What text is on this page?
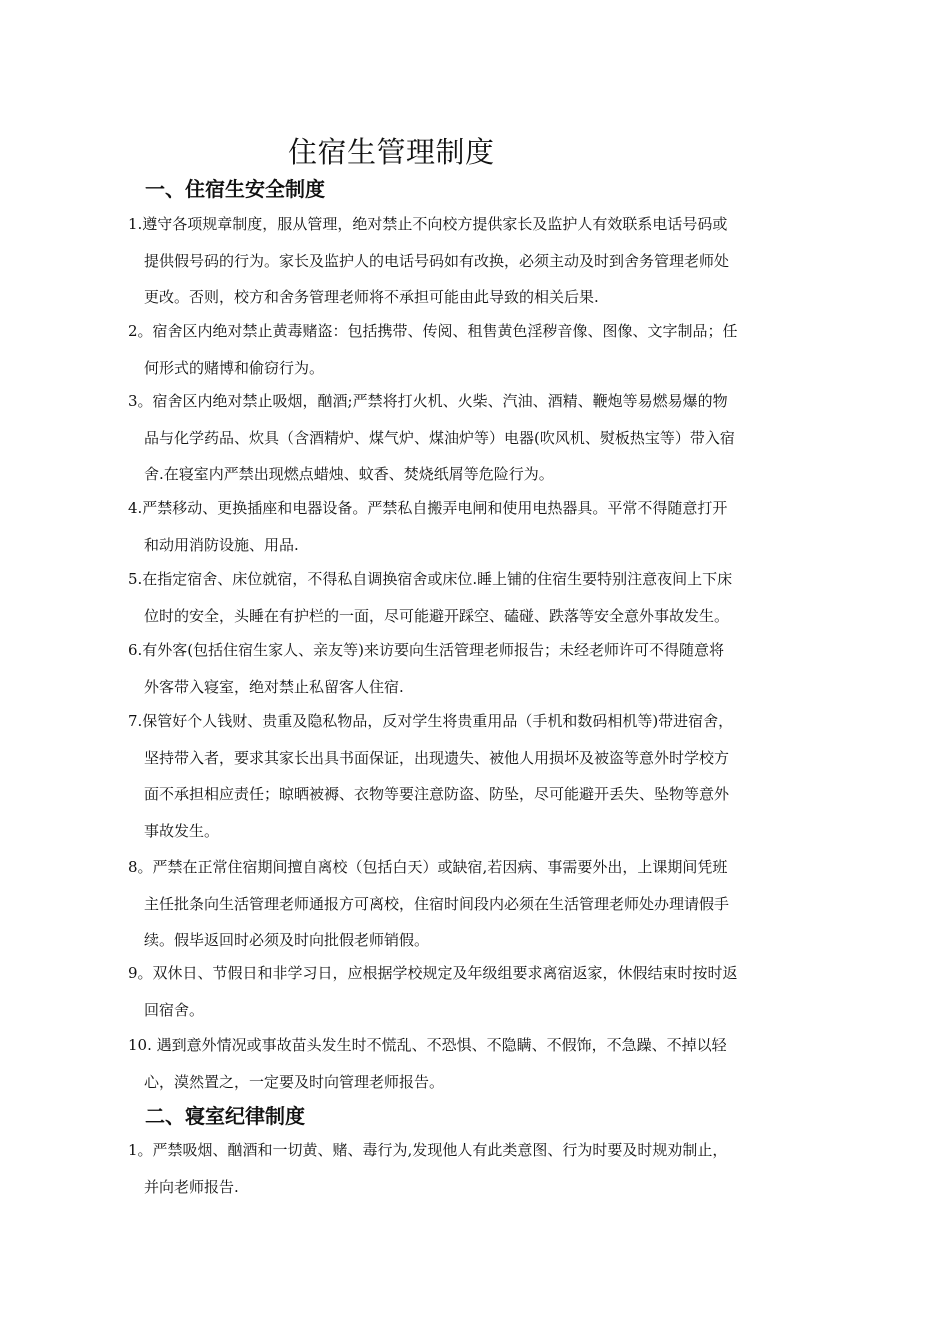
住宿生管理制度
一、住宿生安全制度
1.遵守各项规章制度，服从管理，绝对禁止不向校方提供家长及监护人有效联系电话号码或
提供假号码的行为。家长及监护人的电话号码如有改换，必须主动及时到舍务管理老师处
更改。否则，校方和舍务管理老师将不承担可能由此导致的相关后果.
2。宿舍区内绝对禁止黄毒赌盗：包括携带、传阅、租售黄色淫秽音像、图像、文字制品；任
何形式的赌博和偷窃行为。
3。宿舍区内绝对禁止吸烟，酗酒;严禁将打火机、火柴、汽油、酒精、鞭炮等易燃易爆的物
品与化学药品、炊具（含酒精炉、煤气炉、煤油炉等）电器(吹风机、熨板热宝等）带入宿
舍.在寝室内严禁出现燃点蜡烛、蚊香、焚烧纸屑等危险行为。
4.严禁移动、更换插座和电器设备。严禁私自搬弄电闸和使用电热器具。平常不得随意打开
和动用消防设施、用品.
5.在指定宿舍、床位就宿，不得私自调换宿舍或床位.睡上铺的住宿生要特别注意夜间上下床
位时的安全，头睡在有护栏的一面，尽可能避开踩空、磕碰、跌落等安全意外事故发生。
6.有外客(包括住宿生家人、亲友等)来访要向生活管理老师报告；未经老师许可不得随意将
外客带入寝室，绝对禁止私留客人住宿.
7.保管好个人钱财、贵重及隐私物品，反对学生将贵重用品（手机和数码相机等)带进宿舍，
坚持带入者，要求其家长出具书面保证，出现遗失、被他人用损坏及被盗等意外时学校方
面不承担相应责任；晾晒被褥、衣物等要注意防盗、防坠，尽可能避开丢失、坠物等意外
事故发生。
8。严禁在正常住宿期间擅自离校（包括白天）或缺宿,若因病、事需要外出，上课期间凭班
主任批条向生活管理老师通报方可离校，住宿时间段内必须在生活管理老师处办理请假手
续。假毕返回时必须及时向批假老师销假。
9。双休日、节假日和非学习日，应根据学校规定及年级组要求离宿返家，休假结束时按时返
回宿舍。
10. 遇到意外情况或事故苗头发生时不慌乱、不恐惧、不隐瞒、不假饰，不急躁、不掉以轻
心，漠然置之，一定要及时向管理老师报告。
二、寝室纪律制度
1。严禁吸烟、酗酒和一切黄、赌、毒行为,发现他人有此类意图、行为时要及时规劝制止，
并向老师报告.
